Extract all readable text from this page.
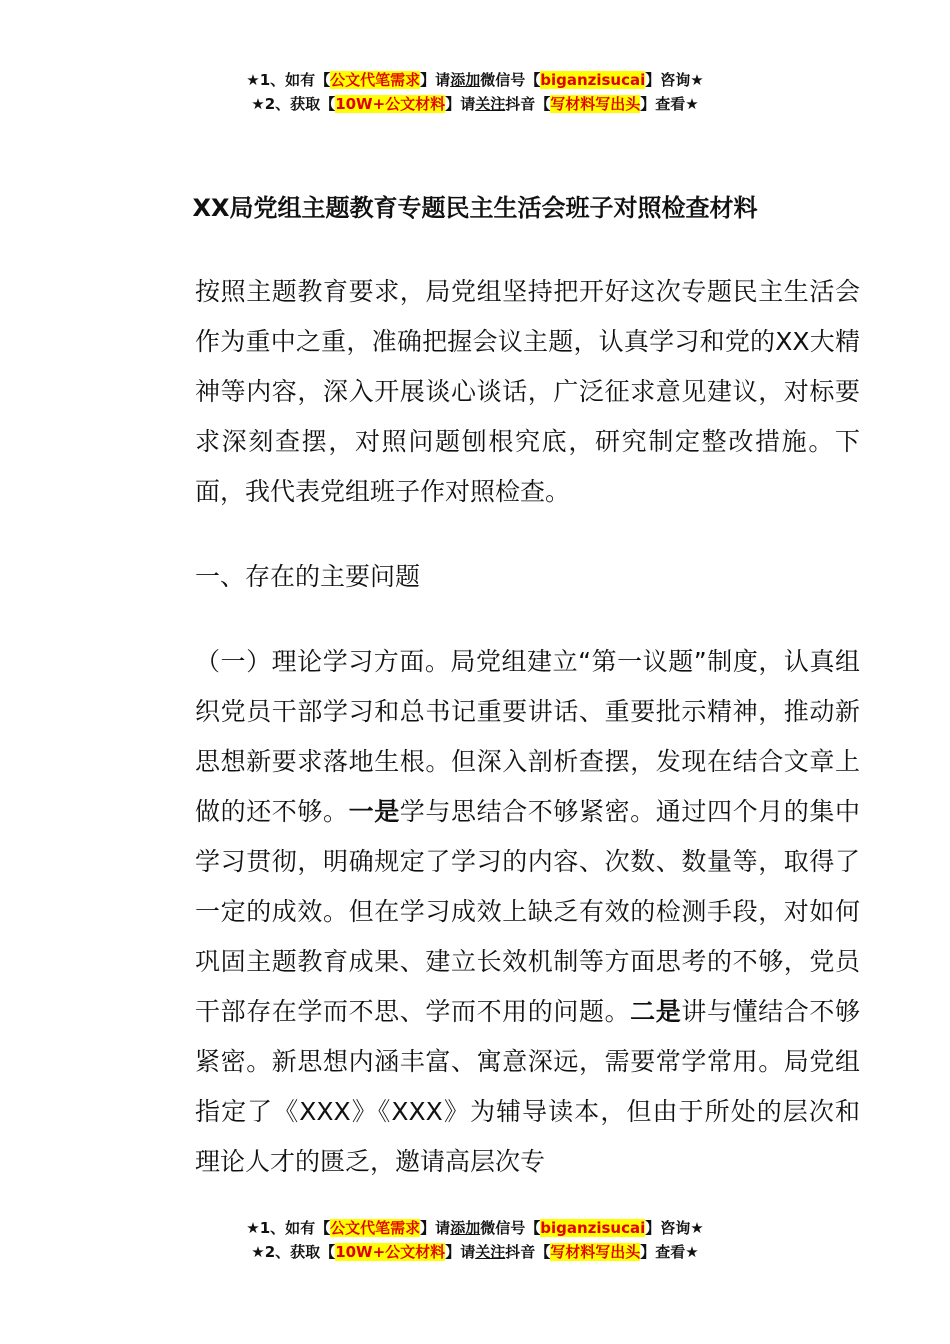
★1、如有【公文代笔需求】请添加微信号【biganzisucai】咨询★
★2、获取【10W+公文材料】请关注抖音【写材料写出头】查看★
XX局党组主题教育专题民主生活会班子对照检查材料

按照主题教育要求，局党组坚持把开好这次专题民主生活会作为重中之重，准确把握会议主题，认真学习和党的XX大精神等内容，深入开展谈心谈话，广泛征求意见建议，对标要求深刻查摆，对照问题刨根究底，研究制定整改措施。下面，我代表党组班子作对照检查。

一、存在的主要问题

（一）理论学习方面。局党组建立“第一议题”制度，认真组织党员干部学习和总书记重要讲话、重要批示精神，推动新思想新要求落地生根。但深入剖析查摆，发现在结合文章上做的还不够。一是学与思结合不够紧密。通过四个月的集中学习贯彻，明确规定了学习的内容、次数、数量等，取得了一定的成效。但在学习成效上缺乏有效的检测手段，对如何巩固主题教育成果、建立长效机制等方面思考的不够，党员干部存在学而不思、学而不用的问题。二是讲与懂结合不够紧密。新思想内涵丰富、寓意深远，需要常学常用。局党组指定了《XXX》《XXX》为辅导读本，但由于所处的层次和理论人才的匮乏，邀请高层次专

★1、如有【公文代笔需求】请添加微信号【biganzisucai】咨询★
★2、获取【10W+公文材料】请关注抖音【写材料写出头】查看★
